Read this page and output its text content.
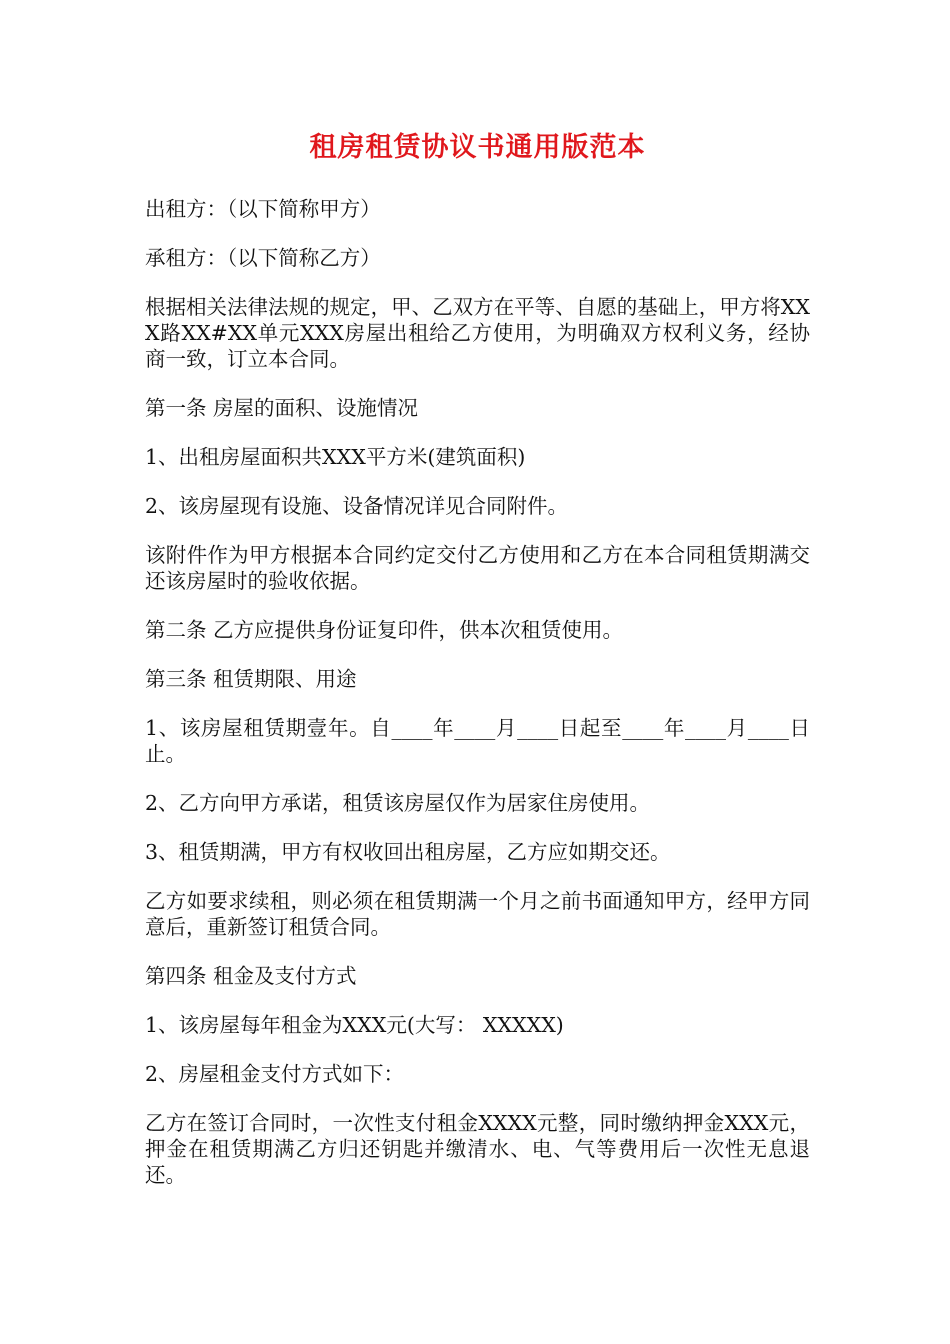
租房租赁协议书通用版范本

出租方：（以下简称甲方）

承租方：（以下简称乙方）

根据相关法律法规的规定，甲、乙双方在平等、自愿的基础上，甲方将XXX路XX#XX单元XXX房屋出租给乙方使用，为明确双方权利义务，经协商一致，订立本合同。

第一条 房屋的面积、设施情况

1、出租房屋面积共XXX平方米(建筑面积)

2、该房屋现有设施、设备情况详见合同附件。

该附件作为甲方根据本合同约定交付乙方使用和乙方在本合同租赁期满交还该房屋时的验收依据。

第二条 乙方应提供身份证复印件，供本次租赁使用。

第三条 租赁期限、用途

1、该房屋租赁期壹年。自____年____月____日起至____年____月____日止。

2、乙方向甲方承诺，租赁该房屋仅作为居家住房使用。

3、租赁期满，甲方有权收回出租房屋，乙方应如期交还。

乙方如要求续租，则必须在租赁期满一个月之前书面通知甲方，经甲方同意后，重新签订租赁合同。

第四条 租金及支付方式

1、该房屋每年租金为XXX元(大写： XXXXX)

2、房屋租金支付方式如下：

乙方在签订合同时，一次性支付租金XXXX元整，同时缴纳押金XXX元，押金在租赁期满乙方归还钥匙并缴清水、电、气等费用后一次性无息退还。
